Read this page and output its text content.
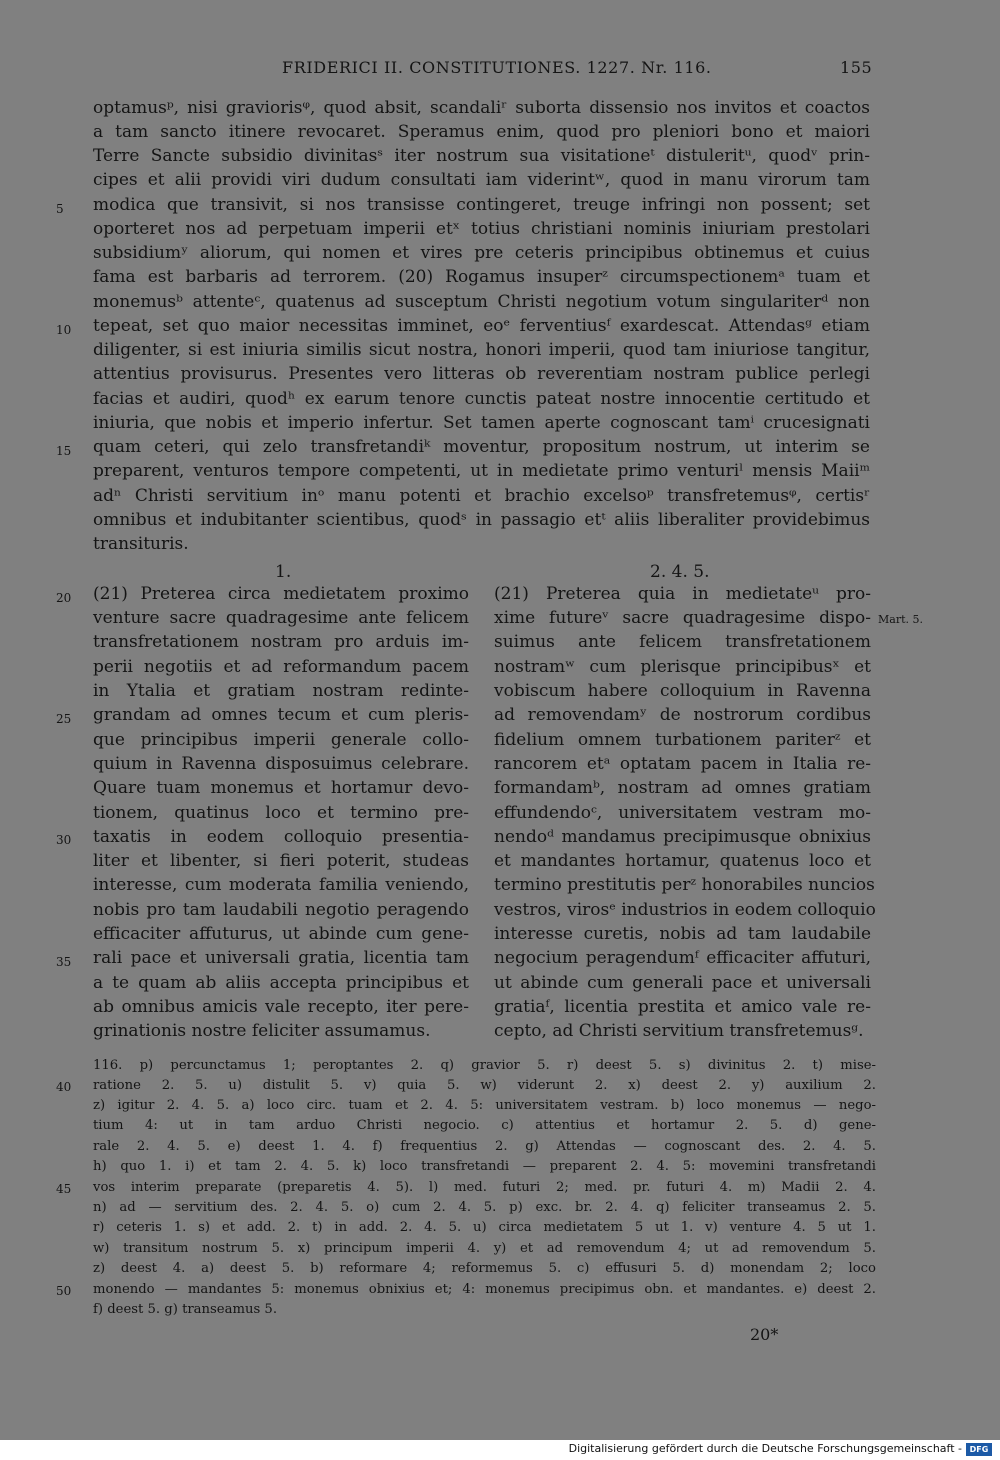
FRIDERICI II. CONSTITUTIONES. 1227. Nr. 116.	155
optamusᵖ, nisi graviorisᵠ, quod absit, scandaliʳ suborta dissensio nos invitos et coactos
a tam sancto itinere revocaret. Speramus enim, quod pro pleniori bono et maiori
Terre Sancte subsidio divinitasˢ iter nostrum sua visitationeᵗ distuleritᵘ, quodᵛ prin-
cipes et alii providi viri dudum consultati iam viderintʷ, quod in manu virorum tam
modica que transivit, si nos transisse contingeret, treuge infringi non possent; set
oporteret nos ad perpetuam imperii etˣ totius christiani nominis iniuriam prestolari
subsidiumʸ aliorum, qui nomen et vires pre ceteris principibus obtinemus et cuius
fama est barbaris ad terrorem. (20) Rogamus insuperᶻ circumspectionemᵃ tuam et
monemusᵇ attenteᶜ, quatenus ad susceptum Christi negotium votum singulariterᵈ non
tepeat, set quo maior necessitas imminet, eoᵉ ferventiusᶠ exardescat. Attendasᵍ etiam
diligenter, si est iniuria similis sicut nostra, honori imperii, quod tam iniuriose tangitur,
attentius provisurus. Presentes vero litteras ob reverentiam nostram publice perlegi
facias et audiri, quodʰ ex earum tenore cunctis pateat nostre innocentie certitudo et
iniuria, que nobis et imperio infertur. Set tamen aperte cognoscant tamⁱ crucesignati
quam ceteri, qui zelo transfretandiᵏ moventur, propositum nostrum, ut interim se
preparent, venturos tempore competenti, ut in medietate primo venturiˡ mensis Maiiᵐ
adⁿ Christi servitium inᵒ manu potenti et brachio excelsoᵖ transfretemusᵠ, certisʳ
omnibus et indubitanter scientibus, quodˢ in passagio etᵗ aliis liberaliter providebimus
transituris.
5
10
15
1.	2. 4. 5.
(21) Preterea circa medietatem proximo
venture sacre quadragesime ante felicem
transfretationem nostram pro arduis im-
perii negotiis et ad reformandum pacem
in Ytalia et gratiam nostram redinte-
grandam ad omnes tecum et cum pleris-
que principibus imperii generale collo-
quium in Ravenna disposuimus celebrare.
Quare tuam monemus et hortamur devo-
tionem, quatinus loco et termino pre-
taxatis in eodem colloquio presentia-
liter et libenter, si fieri poterit, studeas
interesse, cum moderata familia veniendo,
nobis pro tam laudabili negotio peragendo
efficaciter affuturus, ut abinde cum gene-
rali pace et universali gratia, licentia tam
a te quam ab aliis accepta principibus et
ab omnibus amicis vale recepto, iter pere-
grinationis nostre feliciter assumamus.
(21) Preterea quia in medietateᵘ pro-
xime futureᵛ sacre quadragesime dispo-
suimus ante felicem transfretationem
nostramʷ cum plerisque principibusˣ et
vobiscum habere colloquium in Ravenna
ad removendamʸ de nostrorum cordibus
fidelium omnem turbationem pariterᶻ et
rancorem etᵃ optatam pacem in Italia re-
formandamᵇ, nostram ad omnes gratiam
effundendoᶜ, universitatem vestram mo-
nendoᵈ mandamus precipimusque obnixius
et mandantes hortamur, quatenus loco et
termino prestitutis perᶻ honorabiles nuncios
vestros, virosᵉ industrios in eodem colloquio
interesse curetis, nobis ad tam laudabile
negocium peragendumᶠ efficaciter affuturi,
ut abinde cum generali pace et universali
gratiaᶠ, licentia prestita et amico vale re-
cepto, ad Christi servitium transfretemusᵍ.
20
25
30
35
Mart. 5.
116. p) percunctamus 1; peroptantes 2. q) gravior 5. r) deest 5. s) divinitus 2. t) mise-
ratione 2. 5. u) distulit 5. v) quia 5. w) viderunt 2. x) deest 2. y) auxilium 2.
z) igitur 2. 4. 5. a) loco circ. tuam et 2. 4. 5: universitatem vestram. b) loco monemus — nego-
tium 4: ut in tam arduo Christi negocio. c) attentius et hortamur 2. 5. d) gene-
rale 2. 4. 5. e) deest 1. 4. f) frequentius 2. g) Attendas — cognoscant des. 2. 4. 5.
h) quo 1. i) et tam 2. 4. 5. k) loco transfretandi — preparent 2. 4. 5: movemini transfretandi
vos interim preparate (preparetis 4. 5). l) med. futuri 2; med. pr. futuri 4. m) Madii 2. 4.
n) ad — servitium des. 2. 4. 5. o) cum 2. 4. 5. p) exc. br. 2. 4. q) feliciter transeamus 2. 5.
r) ceteris 1. s) et add. 2. t) in add. 2. 4. 5. u) circa medietatem 5 ut 1. v) venture 4. 5 ut 1.
w) transitum nostrum 5. x) principum imperii 4. y) et ad removendum 4; ut ad removendum 5.
z) deest 4. a) deest 5. b) reformare 4; reformemus 5. c) effusuri 5. d) monendam 2; loco
monendo — mandantes 5: monemus obnixius et; 4: monemus precipimus obn. et mandantes. e) deest 2.
f) deest 5. g) transeamus 5.
40
45
50
20*
Digitalisierung gefördert durch die Deutsche Forschungsgemeinschaft - DFG
